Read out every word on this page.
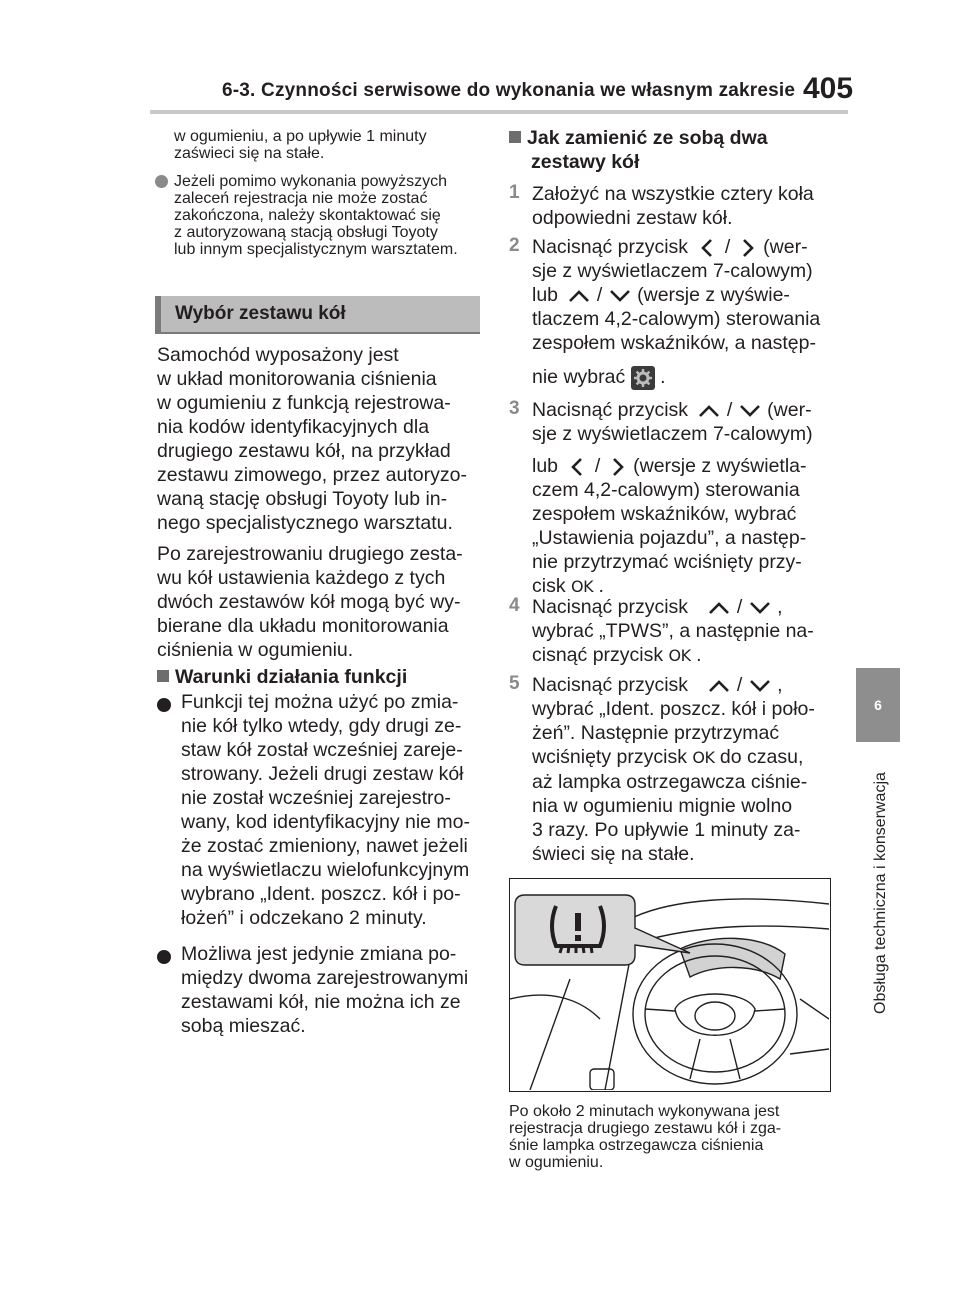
6-3. Czynności serwisowe do wykonania we własnym zakresie 405
6
Obsługa techniczna i konserwacja
w ogumieniu, a po upływie 1 minuty
zaświeci się na stałe.
Jeżeli pomimo wykonania powyższych
zaleceń rejestracja nie może zostać
zakończona, należy skontaktować się
z autoryzowaną stacją obsługi Toyoty
lub innym specjalistycznym warsztatem.
Wybór zestawu kół
Samochód wyposażony jest
w układ monitorowania ciśnienia
w ogumieniu z funkcją rejestrowa-
nia kodów identyfikacyjnych dla
drugiego zestawu kół, na przykład
zestawu zimowego, przez autoryzo-
waną stację obsługi Toyoty lub in-
nego specjalistycznego warsztatu.
Po zarejestrowaniu drugiego zesta-
wu kół ustawienia każdego z tych
dwóch zestawów kół mogą być wy-
bierane dla układu monitorowania
ciśnienia w ogumieniu.
Warunki działania funkcji
Funkcji tej można użyć po zmia-
nie kół tylko wtedy, gdy drugi ze-
staw kół został wcześniej zareje-
strowany. Jeżeli drugi zestaw kół
nie został wcześniej zarejestro-
wany, kod identyfikacyjny nie mo-
że zostać zmieniony, nawet jeżeli
na wyświetlaczu wielofunkcyjnym
wybrano „Ident. poszcz. kół i po-
łożeń” i odczekano 2 minuty.
Możliwa jest jedynie zmiana po-
między dwoma zarejestrowanymi
zestawami kół, nie można ich ze
sobą mieszać.
Jak zamienić ze sobą dwa
zestawy kół
1 Założyć na wszystkie cztery koła
odpowiedni zestaw kół.
2 Nacisnąć przycisk / (wer-
sje z wyświetlaczem 7-calowym)
lub / (wersje z wyświe-
tlaczem 4,2-calowym) sterowania
zespołem wskaźników, a następ-
nie wybrać .
3 Nacisnąć przycisk / (wer-
sje z wyświetlaczem 7-calowym)
lub / (wersje z wyświetla-
czem 4,2-calowym) sterowania
zespołem wskaźników, wybrać
„Ustawienia pojazdu”, a następ-
nie przytrzymać wciśnięty przy-
cisk OK .
4 Nacisnąć przycisk	/ ,
wybrać „TPWS”, a następnie na-
cisnąć przycisk OK .
5 Nacisnąć przycisk	/ ,
wybrać „Ident. poszcz. kół i poło-
żeń”. Następnie przytrzymać
wciśnięty przycisk OK do czasu,
aż lampka ostrzegawcza ciśnie-
nia w ogumieniu mignie wolno
3 razy. Po upływie 1 minuty za-
świeci się na stałe.
Po około 2 minutach wykonywana jest
rejestracja drugiego zestawu kół i zga-
śnie lampka ostrzegawcza ciśnienia
w ogumieniu.
